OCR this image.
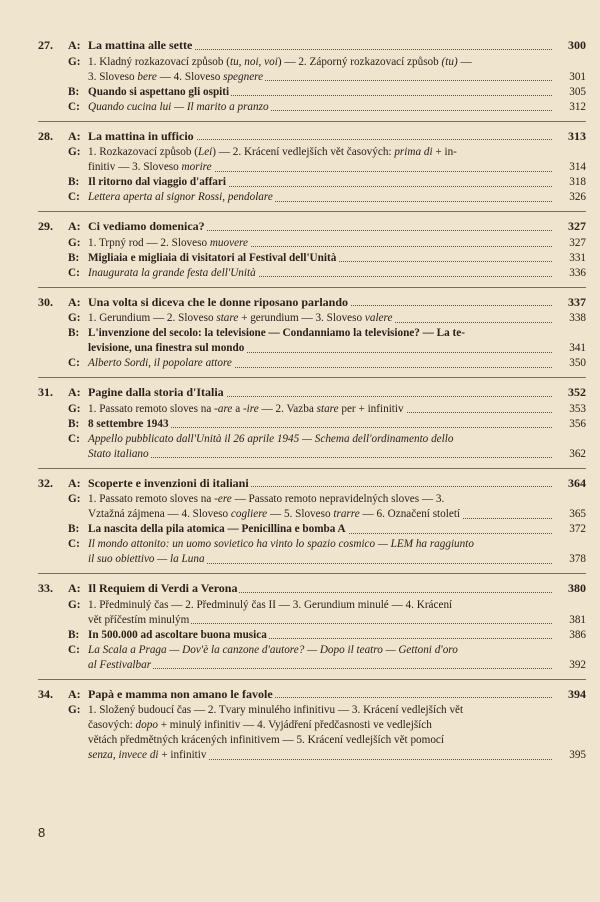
27.	A: La mattina alle sette	300
G: 1. Kladný rozkazovací způsob (tu, noi, voi) — 2. Záporný rozkazovací způsob (tu) —
3. Sloveso bere — 4. Sloveso spegnere	301
B: Quando si aspettano gli ospiti	305
C: Quando cucina lui — Il marito a pranzo	312
28.	A: La mattina in ufficio	313
G: 1. Rozkazovací způsob (Lei) — 2. Krácení vedlejších vět časových: prima di + in-
finitiv — 3. Sloveso morire	314
B: Il ritorno dal viaggio d'affari	318
C: Lettera aperta al signor Rossi, pendolare	326
29.	A: Ci vediamo domenica?	327
G: 1. Trpný rod — 2. Sloveso muovere	327
B: Migliaia e migliaia di visitatori al Festival dell'Unità	331
C: Inaugurata la grande festa dell'Unità	336
30.	A: Una volta si diceva che le donne riposano parlando	337
G: 1. Gerundium — 2. Sloveso stare + gerundium — 3. Sloveso valere	338
B: L'invenzione del secolo: la televisione — Condanniamo la televisione? — La te-
levisione, una finestra sul mondo	341
C: Alberto Sordi, il popolare attore	350
31.	A: Pagine dalla storia d'Italia	352
G: 1. Passato remoto sloves na -are a -ire — 2. Vazba stare per + infinitiv	353
B: 8 settembre 1943	356
C: Appello pubblicato dall'Unità il 26 aprile 1945 — Schema dell'ordinamento dello
Stato italiano	362
32.	A: Scoperte e invenzioni di italiani	364
G: 1. Passato remoto sloves na -ere — Passato remoto nepravidelných sloves — 3.
Vztažná zájmena — 4. Sloveso cogliere — 5. Sloveso trarre — 6. Označení století	365
B: La nascita della pila atomica — Penicillina e bomba A	372
C: Il mondo attonito: un uomo sovietico ha vinto lo spazio cosmico — LEM ha raggiunto
il suo obiettivo — la Luna	378
33.	A: Il Requiem di Verdi a Verona	380
G: 1. Předminulý čas — 2. Předminulý čas II — 3. Gerundium minulé — 4. Krácení
vět příčestím minulým	381
B: In 500.000 ad ascoltare buona musica	386
C: La Scala a Praga — Dov'è la canzone d'autore? — Dopo il teatro — Gettoni d'oro
al Festivalbar	392
34.	A: Papà e mamma non amano le favole	394
G: 1. Složený budoucí čas — 2. Tvary minulého infinitivu — 3. Krácení vedlejších vět
časových: dopo + minulý infinitiv — 4. Vyjádření předčasnosti ve vedlejších
větách předmětných krácených infinitivem — 5. Krácení vedlejších vět pomocí
senza, invece di + infinitiv	395
8
